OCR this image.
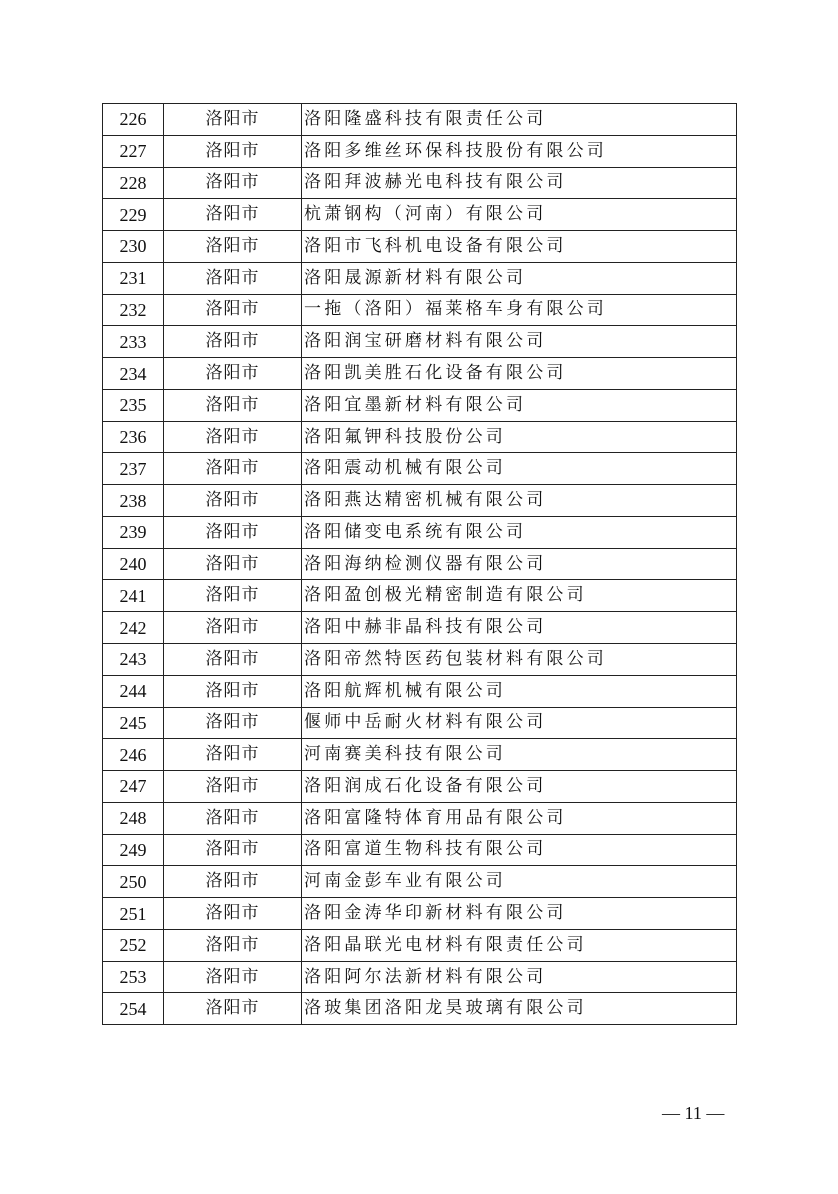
226	洛阳市	洛阳隆盛科技有限责任公司
227	洛阳市	洛阳多维丝环保科技股份有限公司
228	洛阳市	洛阳拜波赫光电科技有限公司
229	洛阳市	杭萧钢构（河南）有限公司
230	洛阳市	洛阳市飞科机电设备有限公司
231	洛阳市	洛阳晟源新材料有限公司
232	洛阳市	一拖（洛阳）福莱格车身有限公司
233	洛阳市	洛阳润宝研磨材料有限公司
234	洛阳市	洛阳凯美胜石化设备有限公司
235	洛阳市	洛阳宜墨新材料有限公司
236	洛阳市	洛阳氟钾科技股份公司
237	洛阳市	洛阳震动机械有限公司
238	洛阳市	洛阳燕达精密机械有限公司
239	洛阳市	洛阳储变电系统有限公司
240	洛阳市	洛阳海纳检测仪器有限公司
241	洛阳市	洛阳盈创极光精密制造有限公司
242	洛阳市	洛阳中赫非晶科技有限公司
243	洛阳市	洛阳帝然特医药包装材料有限公司
244	洛阳市	洛阳航辉机械有限公司
245	洛阳市	偃师中岳耐火材料有限公司
246	洛阳市	河南赛美科技有限公司
247	洛阳市	洛阳润成石化设备有限公司
248	洛阳市	洛阳富隆特体育用品有限公司
249	洛阳市	洛阳富道生物科技有限公司
250	洛阳市	河南金彭车业有限公司
251	洛阳市	洛阳金涛华印新材料有限公司
252	洛阳市	洛阳晶联光电材料有限责任公司
253	洛阳市	洛阳阿尔法新材料有限公司
254	洛阳市	洛玻集团洛阳龙昊玻璃有限公司
— 11 —
